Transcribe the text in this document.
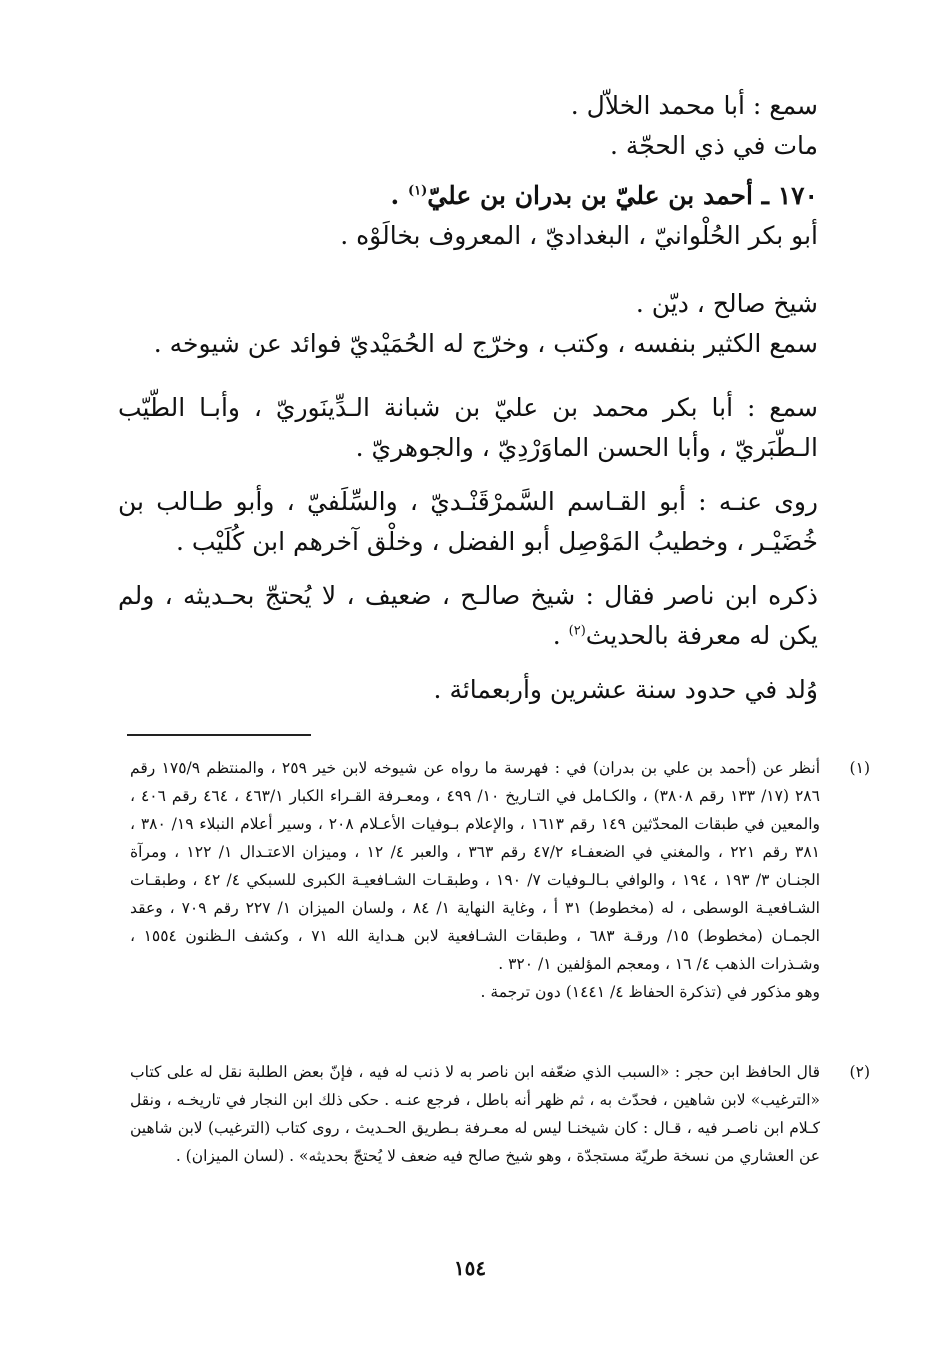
سمع : أبا محمد الخلاّل .

مات في ذي الحجّة .

١٧٠ ـ أحمد بن عليّ بن بدران بن عليّ$^{(١)}$ .

أبو بكر الحُلْوانيّ ، البغداديّ ، المعروف بخالَوْه .

شيخ صالح ، ديّن .

سمع الكثير بنفسه ، وكتب ، وخرّج له الحُمَيْديّ فوائد عن شيوخه .

سمع : أبا بكر محمد بن عليّ بن شبانة الـدِّينَوريّ ، وأبـا الطّيّب الـطّبَريّ ، وأبا الحسن الماوَرْدِيّ ، والجوهريّ .

روى عنـه : أبو القـاسم السَّمرْقَنْـديّ ، والسِّلَفيّ ، وأبو طـالب بن خُضَيْـر ، وخطيبُ المَوْصِل أبو الفضل ، وخلْق آخرهم ابن كُلَيْب .

ذكره ابن ناصر فقال : شيخ صالـح ، ضعيف ، لا يُحتجّ بحـديثه ، ولم يكن له معرفة بالحديث$^{(٢)}$ .

وُلد في حدود سنة عشرين وأربعمائة .

(١)

أنظر عن (أحمد بن علي بن بدران) في : فهرسة ما رواه عن شيوخه لابن خير ٢٥٩ ، والمنتظم ١٧٥/٩ رقم ٢٨٦ (١٧/ ١٣٣ رقم ٣٨٠٨) ، والكـامل في التـاريخ ١٠/ ٤٩٩ ، ومعـرفة القـراء الكبار ٤٦٣/١ ، ٤٦٤ رقم ٤٠٦ ، والمعين في طبقات المحدّثين ١٤٩ رقم ١٦١٣ ، والإعلام بـوفيات الأعـلام ٢٠٨ ، وسير أعلام النبلاء ١٩/ ٣٨٠ ، ٣٨١ رقم ٢٢١ ، والمغني في الضعفـاء ٤٧/٢ رقم ٣٦٣ ، والعبر ٤/ ١٢ ، وميزان الاعتـدال ١/ ١٢٢ ، ومرآة الجنـان ٣/ ١٩٣ ، ١٩٤ ، والوافي بـالـوفيات ٧/ ١٩٠ ، وطبقـات الشـافعيـة الكبرى للسبكي ٤/ ٤٢ ، وطبقـات الشـافعيـة الوسطى ، له (مخطوط) ٣١ أ ، وغاية النهاية ١/ ٨٤ ، ولسان الميزان ١/ ٢٢٧ رقم ٧٠٩ ، وعقد الجمـان (مخطوط) ١٥/ ورقـة ٦٨٣ ، وطبقات الشـافعية لابن هـداية الله ٧١ ، وكشف الـظنون ١٥٥٤ ، وشـذرات الذهب ٤/ ١٦ ، ومعجم المؤلفين ١/ ٣٢٠ .

وهو مذكور في (تذكرة الحفاظ ٤/ ١٤٤١) دون ترجمة .

(٢)

قال الحافظ ابن حجر : «السبب الذي ضعّفه ابن ناصر به لا ذنب له فيه ، فإنّ بعض الطلبة نقل له على كتاب «الترغيب» لابن شاهين ، فحدّث به ، ثم ظهر أنه باطل ، فرجع عنـه . حكى ذلك ابن النجار في تاريخـه ، ونقل كـلام ابن ناصـر فيه ، قـال : كان شيخنـا ليس له معـرفة بـطريق الحـديث ، روى كتاب (الترغيب) لابن شاهين عن العشاري من نسخة طريّة مستجدّة ، وهو شيخ صالح فيه ضعف لا يُحتجّ بحديثه» . (لسان الميزان) .

١٥٤
